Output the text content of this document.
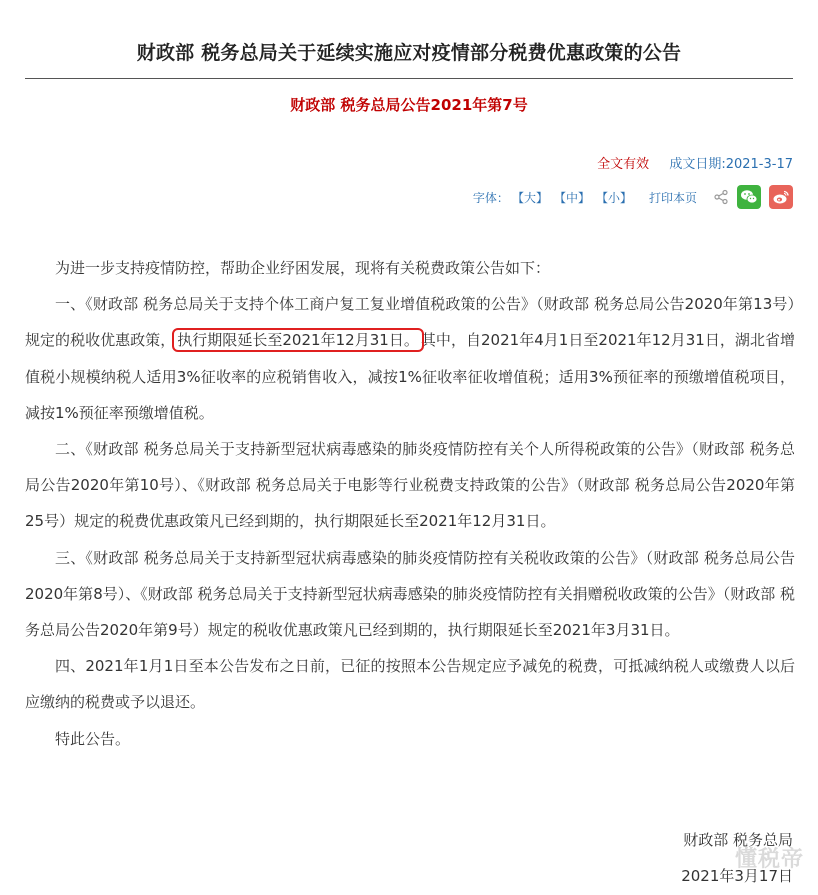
财政部 税务总局关于延续实施应对疫情部分税费优惠政策的公告
财政部 税务总局公告2021年第7号
全文有效 成文日期:2021-3-17
字体： 【大】 【中】 【小】 打印本页

为进一步支持疫情防控，帮助企业纾困发展，现将有关税费政策公告如下：

一、《财政部 税务总局关于支持个体工商户复工复业增值税政策的公告》（财政部 税务总局公告2020年第13号）规定的税收优惠政策， 执行期限延长至2021年12月31日。 其中，自2021年4月1日至2021年12月31日，湖北省增值税小规模纳税人适用3%征收率的应税销售收入，减按1%征收率征收增值税；适用3%预征率的预缴增值税项目，减按1%预征率预缴增值税。

二、《财政部 税务总局关于支持新型冠状病毒感染的肺炎疫情防控有关个人所得税政策的公告》（财政部 税务总局公告2020年第10号）、《财政部 税务总局关于电影等行业税费支持政策的公告》（财政部 税务总局公告2020年第25号）规定的税费优惠政策凡已经到期的，执行期限延长至2021年12月31日。

三、《财政部 税务总局关于支持新型冠状病毒感染的肺炎疫情防控有关税收政策的公告》（财政部 税务总局公告2020年第8号）、《财政部 税务总局关于支持新型冠状病毒感染的肺炎疫情防控有关捐赠税收政策的公告》（财政部 税务总局公告2020年第9号）规定的税收优惠政策凡已经到期的，执行期限延长至2021年3月31日。

四、2021年1月1日至本公告发布之日前，已征的按照本公告规定应予减免的税费，可抵减纳税人或缴费人以后应缴纳的税费或予以退还。

特此公告。

财政部 税务总局
2021年3月17日
懂税帝
